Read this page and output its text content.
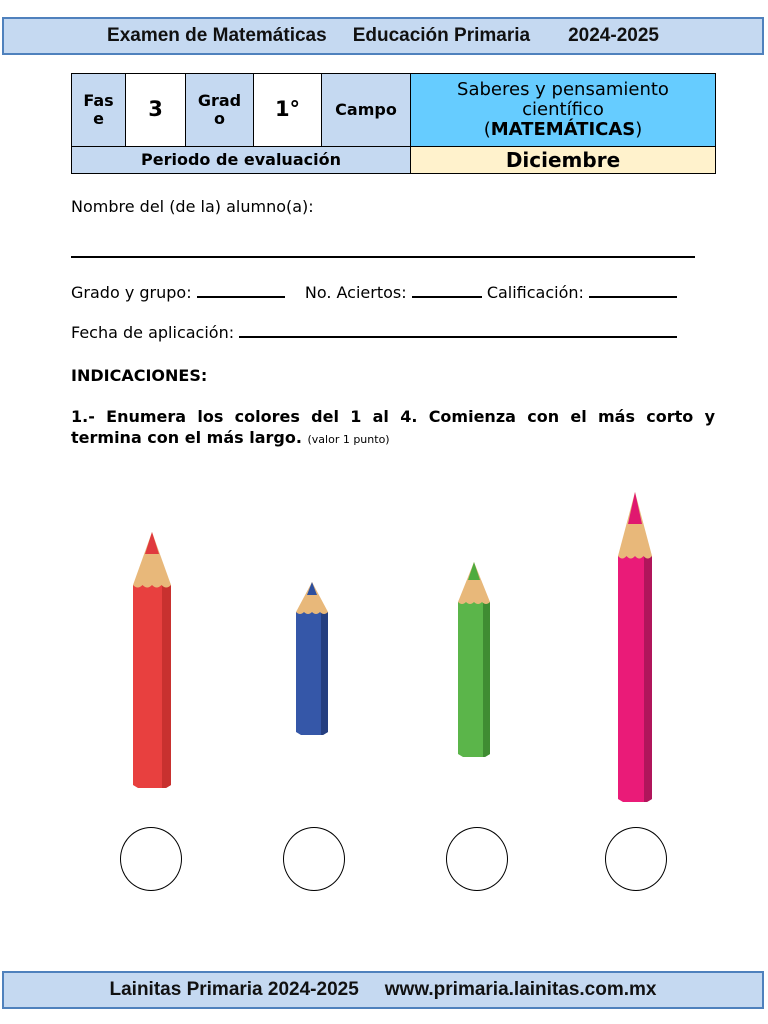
Examen de Matemáticas Educación Primaria 2024-2025
Fas e	3	Grad o	1°	Campo	Saberes y pensamiento científico
(MATEMÁTICAS)

Periodo de evaluación					Diciembre
Nombre del (de la) alumno(a):
Grado y grupo:	No. Aciertos:	Calificación:
Fecha de aplicación:
INDICACIONES:
1.- Enumera los colores del 1 al 4. Comienza con el más corto y termina con el más largo. (valor 1 punto)
Lainitas Primaria 2024-2025 www.primaria.lainitas.com.mx
